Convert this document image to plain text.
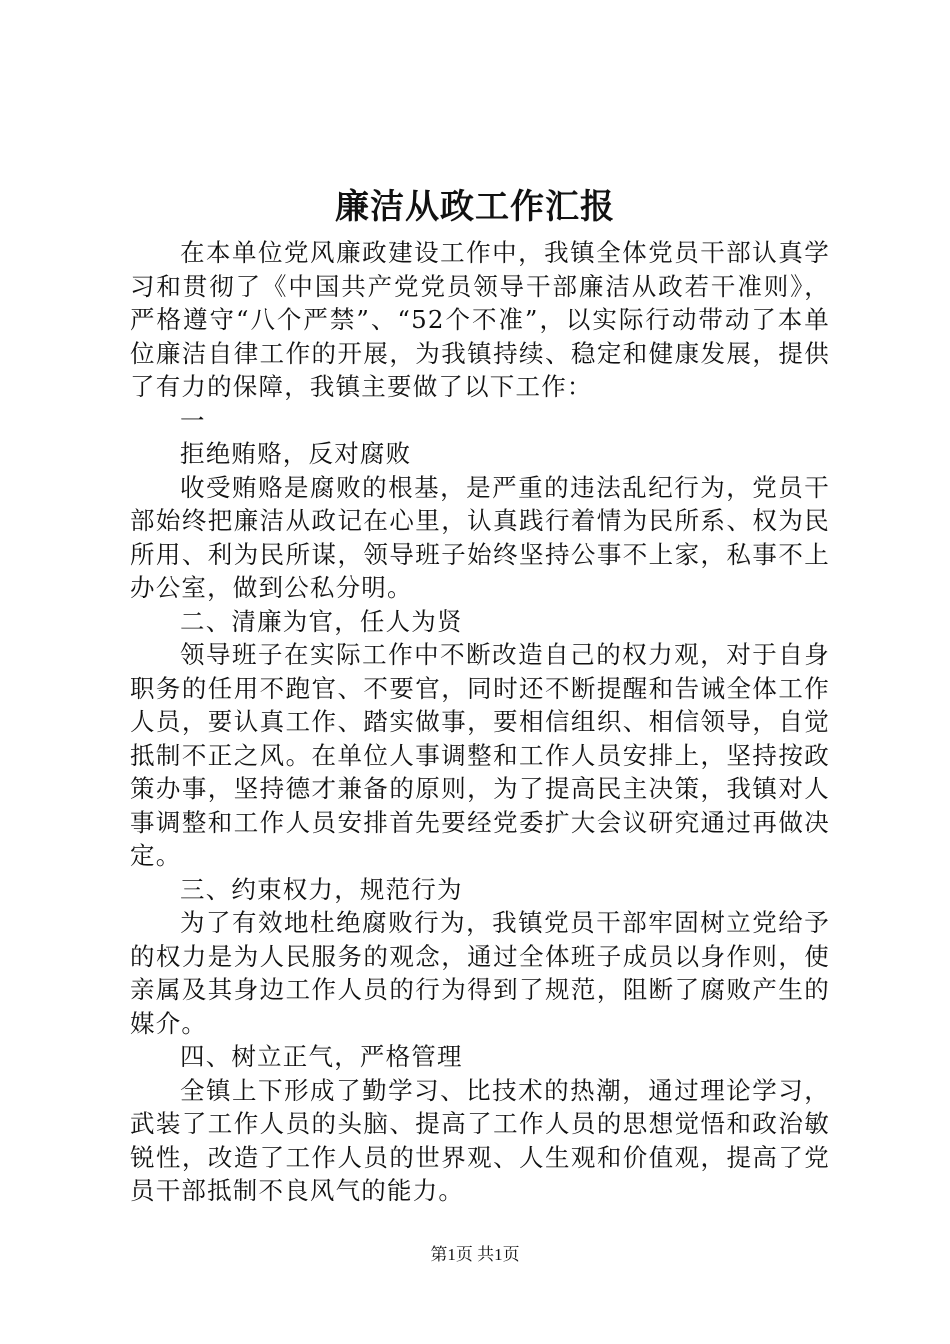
廉洁从政工作汇报

在本单位党风廉政建设工作中，我镇全体党员干部认真学习和贯彻了《中国共产党党员领导干部廉洁从政若干准则》，严格遵守“八个严禁”、“52个不准”，以实际行动带动了本单位廉洁自律工作的开展，为我镇持续、稳定和健康发展，提供了有力的保障，我镇主要做了以下工作：

一

拒绝贿赂，反对腐败

收受贿赂是腐败的根基，是严重的违法乱纪行为，党员干部始终把廉洁从政记在心里，认真践行着情为民所系、权为民所用、利为民所谋，领导班子始终坚持公事不上家，私事不上办公室，做到公私分明。

二、清廉为官，任人为贤

领导班子在实际工作中不断改造自己的权力观，对于自身职务的任用不跑官、不要官，同时还不断提醒和告诫全体工作人员，要认真工作、踏实做事，要相信组织、相信领导，自觉抵制不正之风。在单位人事调整和工作人员安排上，坚持按政策办事，坚持德才兼备的原则，为了提高民主决策，我镇对人事调整和工作人员安排首先要经党委扩大会议研究通过再做决定。

三、约束权力，规范行为

为了有效地杜绝腐败行为，我镇党员干部牢固树立党给予的权力是为人民服务的观念，通过全体班子成员以身作则，使亲属及其身边工作人员的行为得到了规范，阻断了腐败产生的媒介。

四、树立正气，严格管理

全镇上下形成了勤学习、比技术的热潮，通过理论学习，武装了工作人员的头脑、提高了工作人员的思想觉悟和政治敏锐性，改造了工作人员的世界观、人生观和价值观，提高了党员干部抵制不良风气的能力。

第1页 共1页
